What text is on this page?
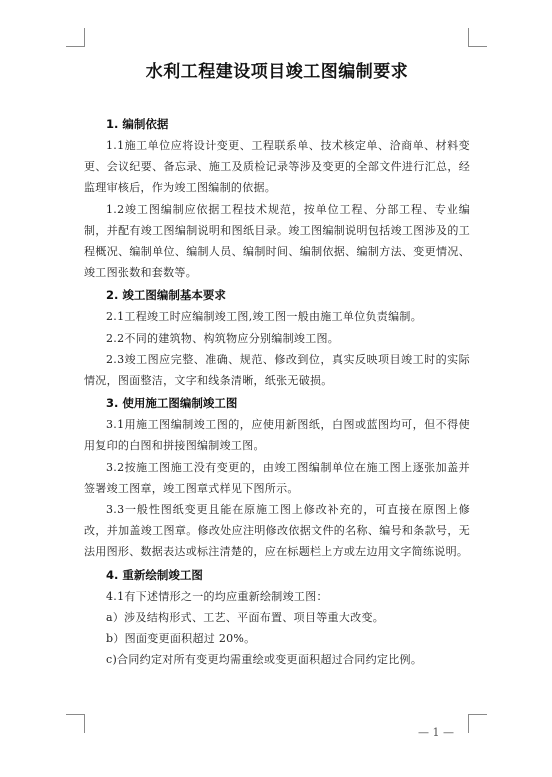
水利工程建设项目竣工图编制要求
1. 编制依据

1.1施工单位应将设计变更、工程联系单、技术核定单、洽商单、材料变更、会议纪要、备忘录、施工及质检记录等涉及变更的全部文件进行汇总，经监理审核后，作为竣工图编制的依据。

1.2竣工图编制应依据工程技术规范，按单位工程、分部工程、专业编制，并配有竣工图编制说明和图纸目录。竣工图编制说明包括竣工图涉及的工程概况、编制单位、编制人员、编制时间、编制依据、编制方法、变更情况、竣工图张数和套数等。

2. 竣工图编制基本要求

2.1工程竣工时应编制竣工图,竣工图一般由施工单位负责编制。

2.2不同的建筑物、构筑物应分别编制竣工图。

2.3竣工图应完整、准确、规范、修改到位，真实反映项目竣工时的实际情况，图面整洁，文字和线条清晰，纸张无破损。

3. 使用施工图编制竣工图

3.1用施工图编制竣工图的，应使用新图纸，白图或蓝图均可，但不得使用复印的白图和拼接图编制竣工图。

3.2按施工图施工没有变更的，由竣工图编制单位在施工图上逐张加盖并签署竣工图章，竣工图章式样见下图所示。

3.3一般性图纸变更且能在原施工图上修改补充的，可直接在原图上修改，并加盖竣工图章。修改处应注明修改依据文件的名称、编号和条款号，无法用图形、数据表达或标注清楚的，应在标题栏上方或左边用文字简练说明。

4. 重新绘制竣工图

4.1有下述情形之一的均应重新绘制竣工图：

a）涉及结构形式、工艺、平面布置、项目等重大改变。

b）图面变更面积超过 20%。

c)合同约定对所有变更均需重绘或变更面积超过合同约定比例。

— 1 —
